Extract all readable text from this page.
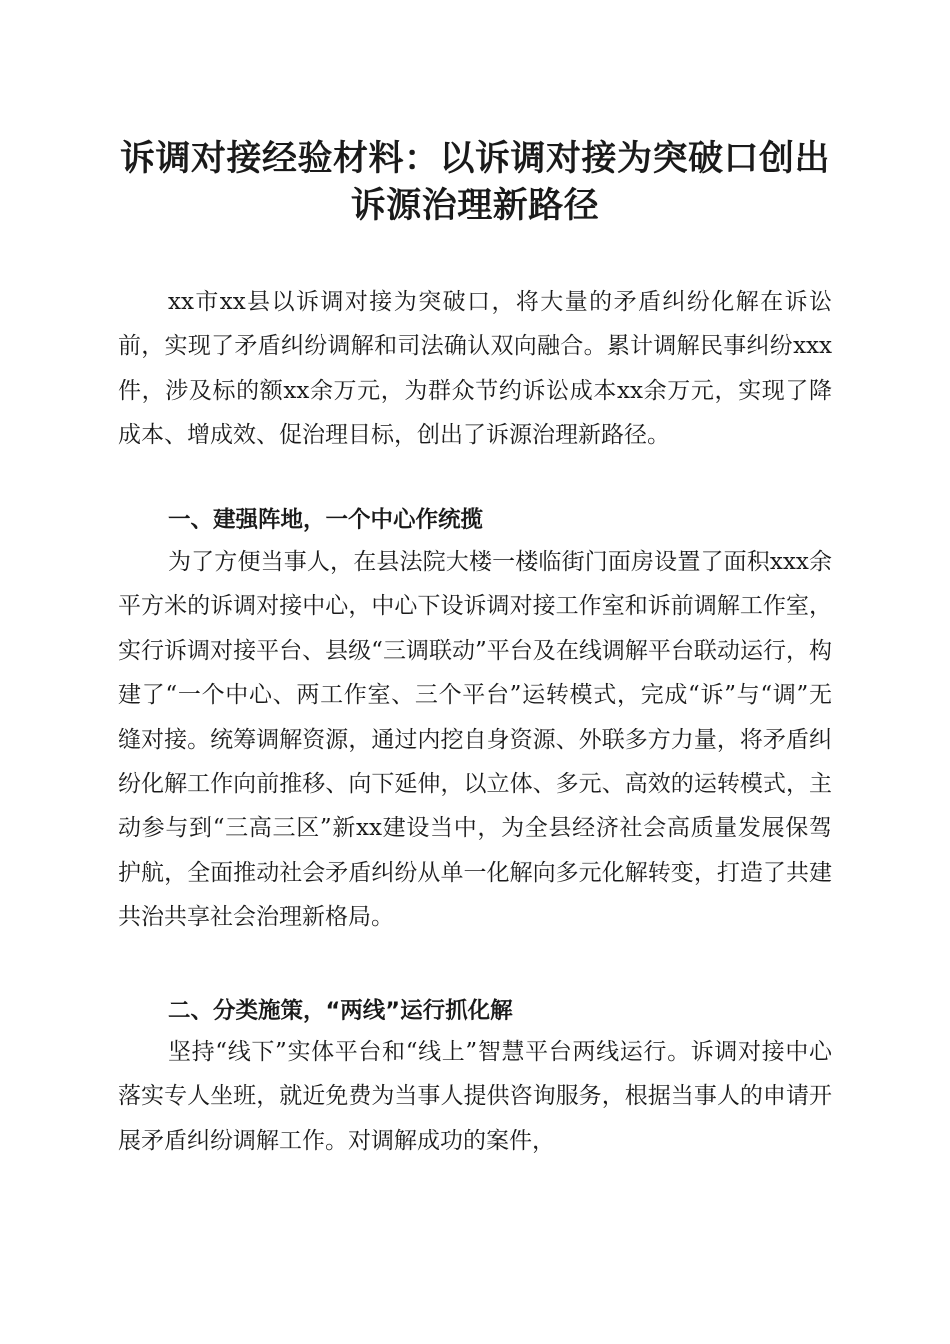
诉调对接经验材料：以诉调对接为突破口创出
诉源治理新路径

xx市xx县以诉调对接为突破口，将大量的矛盾纠纷化解在诉讼前，实现了矛盾纠纷调解和司法确认双向融合。累计调解民事纠纷xxx件，涉及标的额xx余万元，为群众节约诉讼成本xx余万元，实现了降成本、增成效、促治理目标，创出了诉源治理新路径。

一、建强阵地，一个中心作统揽

为了方便当事人，在县法院大楼一楼临街门面房设置了面积xxx余平方米的诉调对接中心，中心下设诉调对接工作室和诉前调解工作室，实行诉调对接平台、县级“三调联动”平台及在线调解平台联动运行，构建了“一个中心、两工作室、三个平台”运转模式，完成“诉”与“调”无缝对接。统筹调解资源，通过内挖自身资源、外联多方力量，将矛盾纠纷化解工作向前推移、向下延伸，以立体、多元、高效的运转模式，主动参与到“三高三区”新xx建设当中，为全县经济社会高质量发展保驾护航，全面推动社会矛盾纠纷从单一化解向多元化解转变，打造了共建共治共享社会治理新格局。

二、分类施策，“两线”运行抓化解

坚持“线下”实体平台和“线上”智慧平台两线运行。诉调对接中心落实专人坐班，就近免费为当事人提供咨询服务，根据当事人的申请开展矛盾纠纷调解工作。对调解成功的案件，
